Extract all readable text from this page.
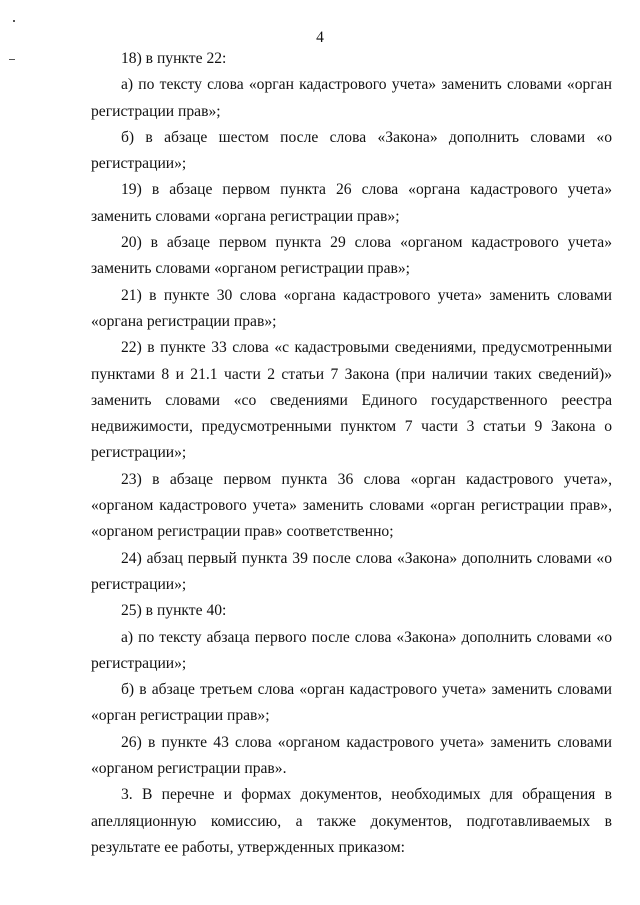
4

18) в пункте 22:

а) по тексту слова «орган кадастрового учета» заменить словами «орган регистрации прав»;

б) в абзаце шестом после слова «Закона» дополнить словами «о регистрации»;

19) в абзаце первом пункта 26 слова «органа кадастрового учета» заменить словами «органа регистрации прав»;

20) в абзаце первом пункта 29 слова «органом кадастрового учета» заменить словами «органом регистрации прав»;

21) в пункте 30 слова «органа кадастрового учета» заменить словами «органа регистрации прав»;

22) в пункте 33 слова «с кадастровыми сведениями, предусмотренными пунктами 8 и 21.1 части 2 статьи 7 Закона (при наличии таких сведений)» заменить словами «со сведениями Единого государственного реестра недвижимости, предусмотренными пунктом 7 части 3 статьи 9 Закона о регистрации»;

23) в абзаце первом пункта 36 слова «орган кадастрового учета», «органом кадастрового учета» заменить словами «орган регистрации прав», «органом регистрации прав» соответственно;

24) абзац первый пункта 39 после слова «Закона» дополнить словами «о регистрации»;

25) в пункте 40:

а) по тексту абзаца первого после слова «Закона» дополнить словами «о регистрации»;

б) в абзаце третьем слова «орган кадастрового учета» заменить словами «орган регистрации прав»;

26) в пункте 43 слова «органом кадастрового учета» заменить словами «органом регистрации прав».

3. В перечне и формах документов, необходимых для обращения в апелляционную комиссию, а также документов, подготавливаемых в результате ее работы, утвержденных приказом:
